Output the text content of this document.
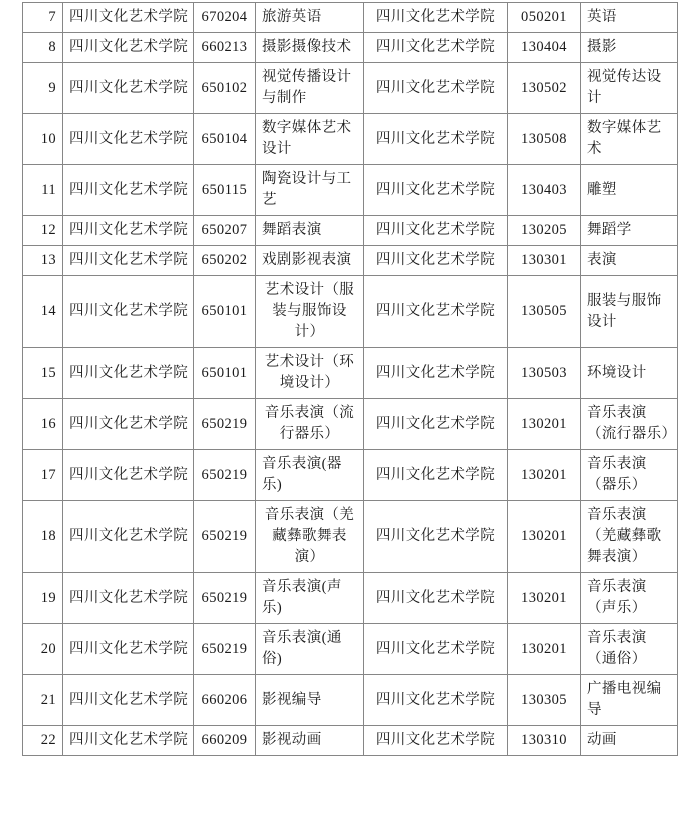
7	四川文化艺术学院	670204	旅游英语	四川文化艺术学院	050201	英语
8	四川文化艺术学院	660213	摄影摄像技术	四川文化艺术学院	130404	摄影
9	四川文化艺术学院	650102	视觉传播设计与制作	四川文化艺术学院	130502	视觉传达设计
10	四川文化艺术学院	650104	数字媒体艺术设计	四川文化艺术学院	130508	数字媒体艺术
11	四川文化艺术学院	650115	陶瓷设计与工艺	四川文化艺术学院	130403	雕塑
12	四川文化艺术学院	650207	舞蹈表演	四川文化艺术学院	130205	舞蹈学
13	四川文化艺术学院	650202	戏剧影视表演	四川文化艺术学院	130301	表演
14	四川文化艺术学院	650101	艺术设计（服装与服饰设计）	四川文化艺术学院	130505	服装与服饰设计
15	四川文化艺术学院	650101	艺术设计（环境设计）	四川文化艺术学院	130503	环境设计
16	四川文化艺术学院	650219	音乐表演（流行器乐）	四川文化艺术学院	130201	音乐表演（流行器乐）
17	四川文化艺术学院	650219	音乐表演(器乐)	四川文化艺术学院	130201	音乐表演（器乐）
18	四川文化艺术学院	650219	音乐表演（羌藏彝歌舞表演）	四川文化艺术学院	130201	音乐表演（羌藏彝歌舞表演）
19	四川文化艺术学院	650219	音乐表演(声乐)	四川文化艺术学院	130201	音乐表演（声乐）
20	四川文化艺术学院	650219	音乐表演(通俗)	四川文化艺术学院	130201	音乐表演（通俗）
21	四川文化艺术学院	660206	影视编导	四川文化艺术学院	130305	广播电视编导
22	四川文化艺术学院	660209	影视动画	四川文化艺术学院	130310	动画
